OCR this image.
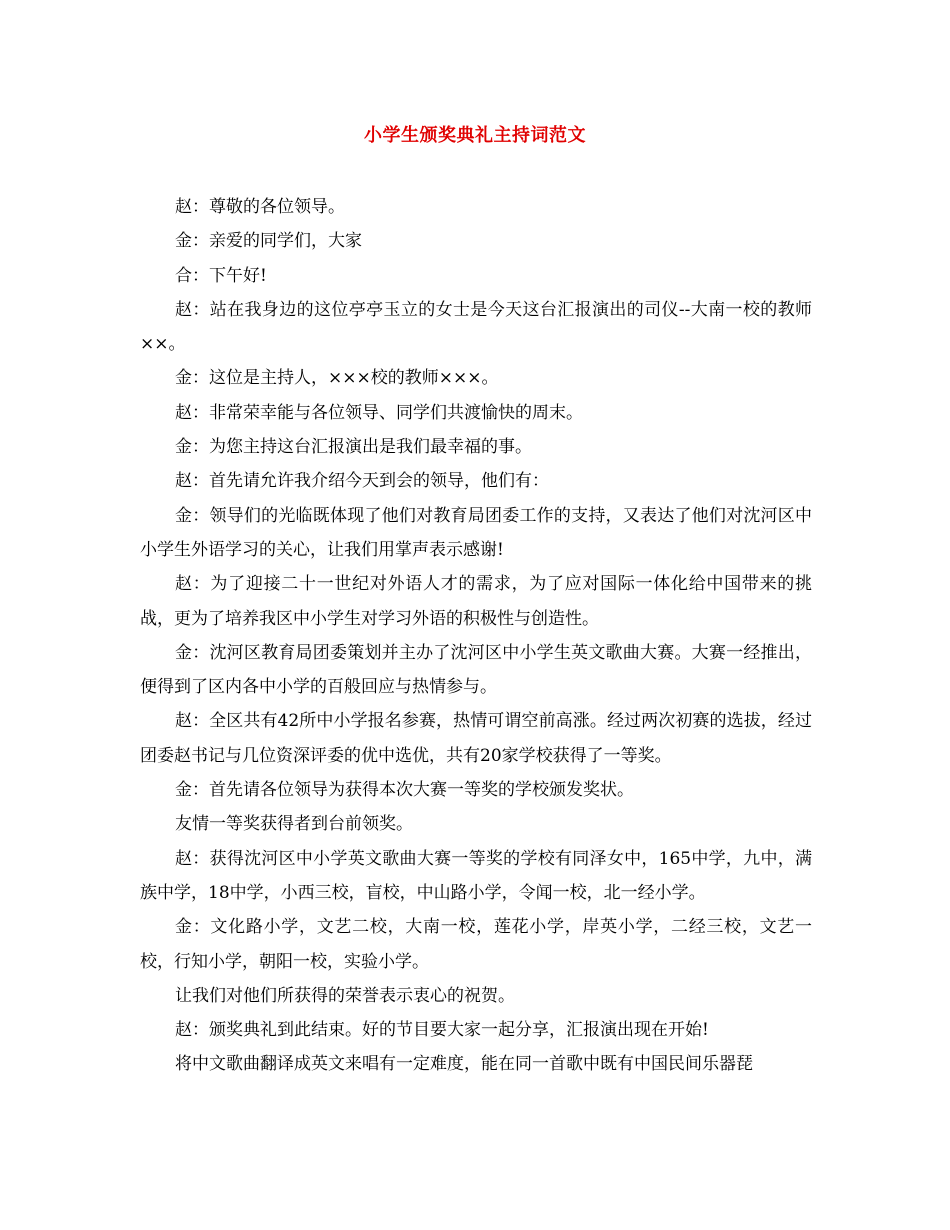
小学生颁奖典礼主持词范文

赵：尊敬的各位领导。

金：亲爱的同学们，大家

合：下午好!

赵：站在我身边的这位亭亭玉立的女士是今天这台汇报演出的司仪--大南一校的教师××。

金：这位是主持人，×××校的教师×××。

赵：非常荣幸能与各位领导、同学们共渡愉快的周末。

金：为您主持这台汇报演出是我们最幸福的事。

赵：首先请允许我介绍今天到会的领导，他们有：

金：领导们的光临既体现了他们对教育局团委工作的支持，又表达了他们对沈河区中小学生外语学习的关心，让我们用掌声表示感谢!

赵：为了迎接二十一世纪对外语人才的需求，为了应对国际一体化给中国带来的挑战，更为了培养我区中小学生对学习外语的积极性与创造性。

金：沈河区教育局团委策划并主办了沈河区中小学生英文歌曲大赛。大赛一经推出，便得到了区内各中小学的百般回应与热情参与。

赵：全区共有42所中小学报名参赛，热情可谓空前高涨。经过两次初赛的选拔，经过团委赵书记与几位资深评委的优中选优，共有20家学校获得了一等奖。

金：首先请各位领导为获得本次大赛一等奖的学校颁发奖状。

友情一等奖获得者到台前领奖。

赵：获得沈河区中小学英文歌曲大赛一等奖的学校有同泽女中，165中学，九中，满族中学，18中学，小西三校，盲校，中山路小学，令闻一校，北一经小学。

金：文化路小学，文艺二校，大南一校，莲花小学，岸英小学，二经三校，文艺一校，行知小学，朝阳一校，实验小学。

让我们对他们所获得的荣誉表示衷心的祝贺。

赵：颁奖典礼到此结束。好的节目要大家一起分享，汇报演出现在开始!

将中文歌曲翻译成英文来唱有一定难度，能在同一首歌中既有中国民间乐器琵
